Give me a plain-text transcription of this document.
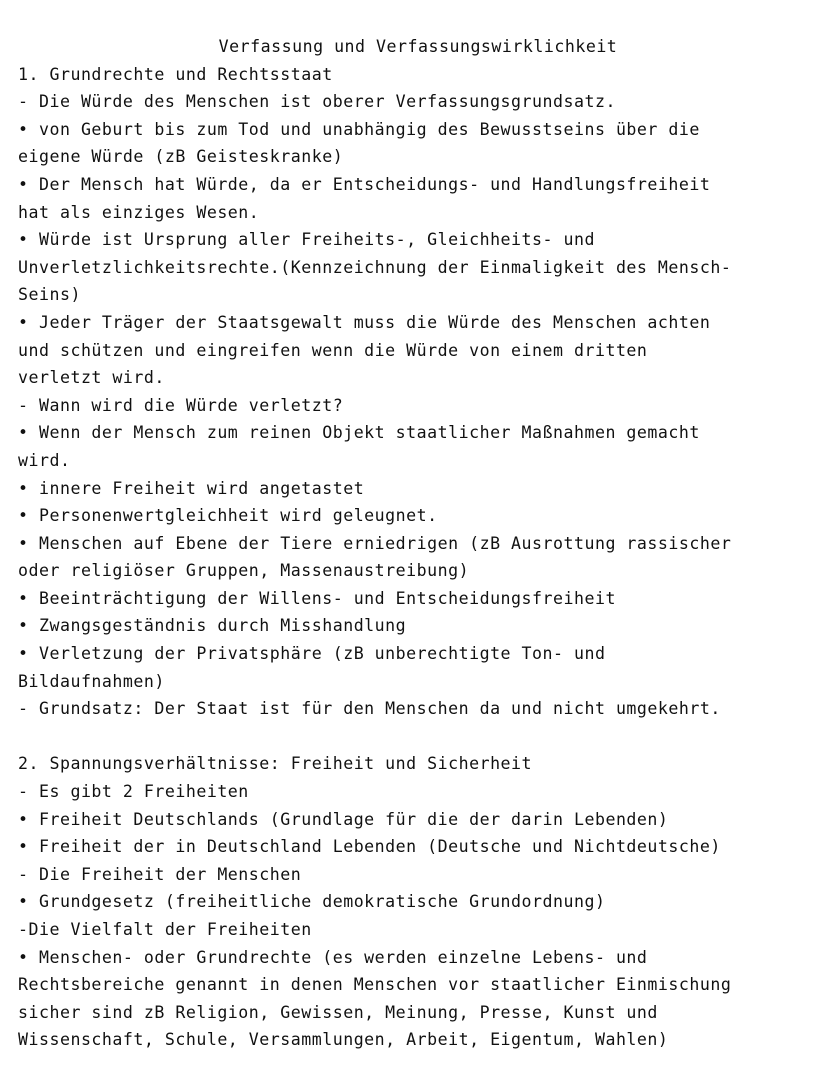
Verfassung und Verfassungswirklichkeit
1. Grundrechte und Rechtsstaat
- Die Würde des Menschen ist oberer Verfassungsgrundsatz.
• von Geburt bis zum Tod und unabhängig des Bewusstseins über die
eigene Würde (zB Geisteskranke)
• Der Mensch hat Würde, da er Entscheidungs- und Handlungsfreiheit
hat als einziges Wesen.
• Würde ist Ursprung aller Freiheits-, Gleichheits- und
Unverletzlichkeitsrechte.(Kennzeichnung der Einmaligkeit des Mensch-
Seins)
• Jeder Träger der Staatsgewalt muss die Würde des Menschen achten
und schützen und eingreifen wenn die Würde von einem dritten
verletzt wird.
- Wann wird die Würde verletzt?
• Wenn der Mensch zum reinen Objekt staatlicher Maßnahmen gemacht
wird.
• innere Freiheit wird angetastet
• Personenwertgleichheit wird geleugnet.
• Menschen auf Ebene der Tiere erniedrigen (zB Ausrottung rassischer
oder religiöser Gruppen, Massenaustreibung)
• Beeinträchtigung der Willens- und Entscheidungsfreiheit
• Zwangsgeständnis durch Misshandlung
• Verletzung der Privatsphäre (zB unberechtigte Ton- und
Bildaufnahmen)
- Grundsatz: Der Staat ist für den Menschen da und nicht umgekehrt.
2. Spannungsverhältnisse: Freiheit und Sicherheit
- Es gibt 2 Freiheiten
• Freiheit Deutschlands (Grundlage für die der darin Lebenden)
• Freiheit der in Deutschland Lebenden (Deutsche und Nichtdeutsche)
- Die Freiheit der Menschen
• Grundgesetz (freiheitliche demokratische Grundordnung)
-Die Vielfalt der Freiheiten
• Menschen- oder Grundrechte (es werden einzelne Lebens- und
Rechtsbereiche genannt in denen Menschen vor staatlicher Einmischung
sicher sind zB Religion, Gewissen, Meinung, Presse, Kunst und
Wissenschaft, Schule, Versammlungen, Arbeit, Eigentum, Wahlen)
